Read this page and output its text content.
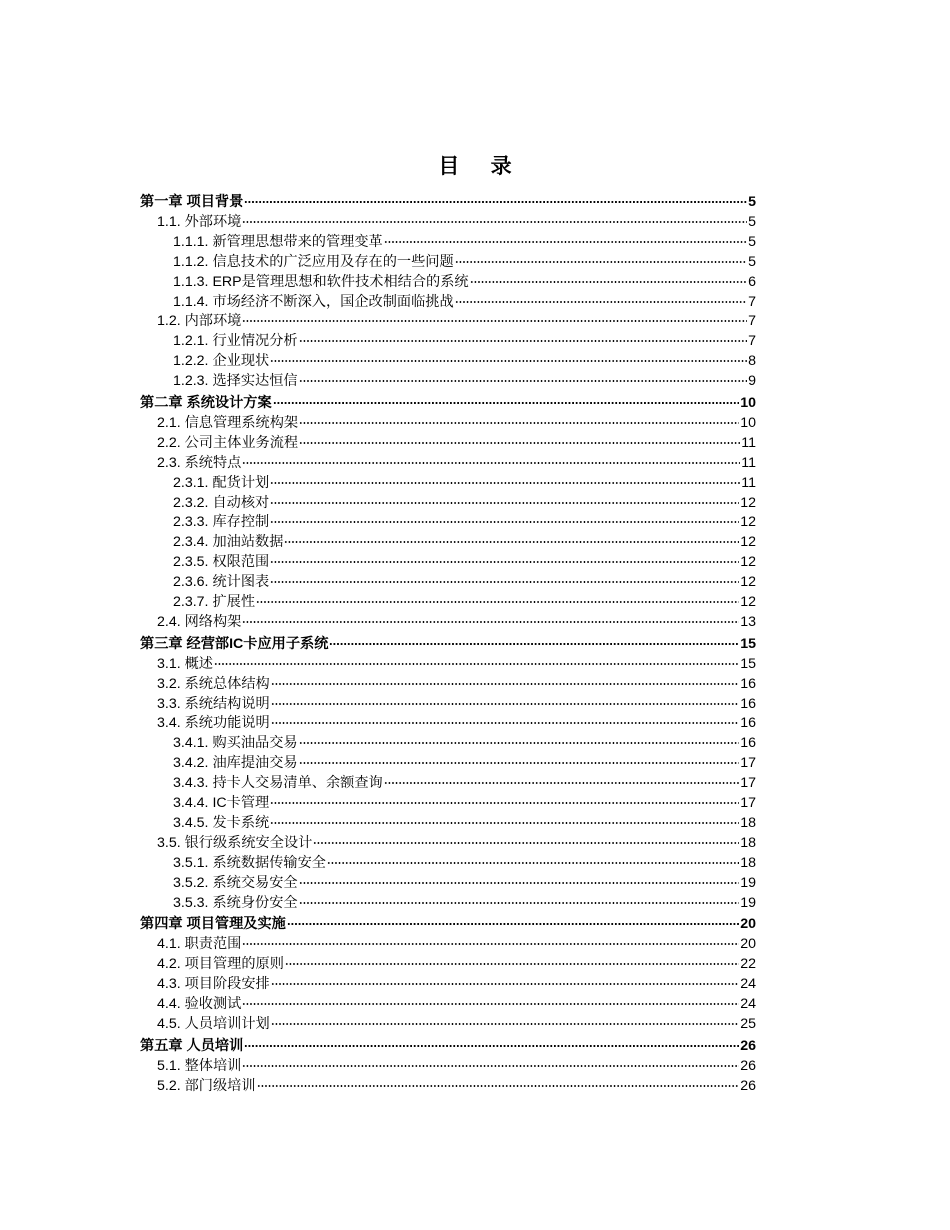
目 录
第一章 项目背景	5
1.1. 外部环境	5
1.1.1. 新管理思想带来的管理变革	5
1.1.2. 信息技术的广泛应用及存在的一些问题	5
1.1.3. ERP是管理思想和软件技术相结合的系统	6
1.1.4. 市场经济不断深入，国企改制面临挑战	7
1.2. 内部环境	7
1.2.1. 行业情况分析	7
1.2.2. 企业现状	8
1.2.3. 选择实达恒信	9
第二章 系统设计方案	10
2.1. 信息管理系统构架	10
2.2. 公司主体业务流程	11
2.3. 系统特点	11
2.3.1. 配货计划	11
2.3.2. 自动核对	12
2.3.3. 库存控制	12
2.3.4. 加油站数据	12
2.3.5. 权限范围	12
2.3.6. 统计图表	12
2.3.7. 扩展性	12
2.4. 网络构架	13
第三章 经营部IC卡应用子系统	15
3.1. 概述	15
3.2. 系统总体结构	16
3.3. 系统结构说明	16
3.4. 系统功能说明	16
3.4.1. 购买油品交易	16
3.4.2. 油库提油交易	17
3.4.3. 持卡人交易清单、余额查询	17
3.4.4. IC卡管理	17
3.4.5. 发卡系统	18
3.5. 银行级系统安全设计	18
3.5.1. 系统数据传输安全	18
3.5.2. 系统交易安全	19
3.5.3. 系统身份安全	19
第四章 项目管理及实施	20
4.1. 职责范围	20
4.2. 项目管理的原则	22
4.3. 项目阶段安排	24
4.4. 验收测试	24
4.5. 人员培训计划	25
第五章 人员培训	26
5.1. 整体培训	26
5.2. 部门级培训	26
